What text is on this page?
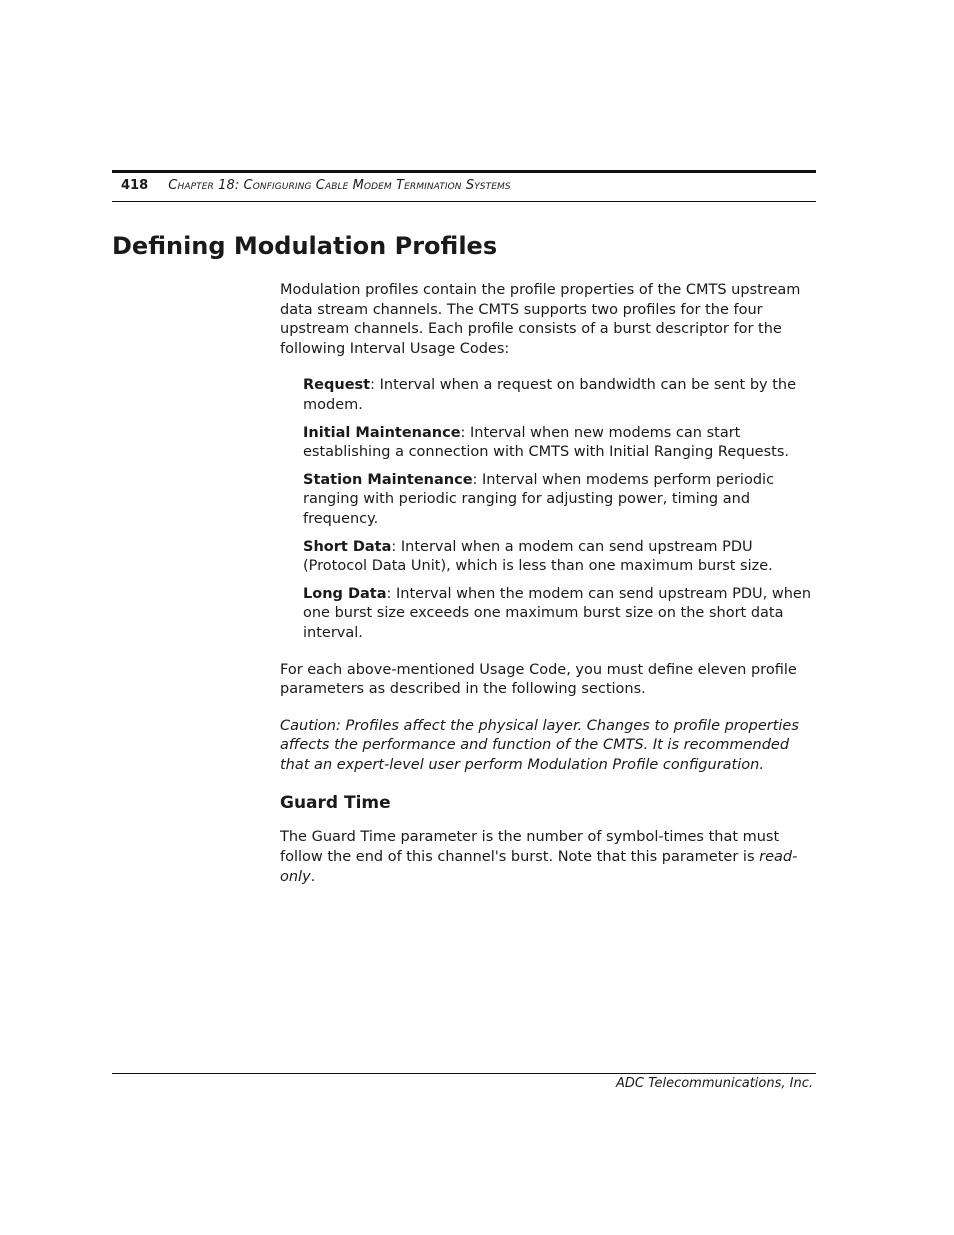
418 Chapter 18: Configuring Cable Modem Termination Systems
Defining Modulation Profiles

Modulation profiles contain the profile properties of the CMTS upstream data stream channels. The CMTS supports two profiles for the four upstream channels. Each profile consists of a burst descriptor for the following Interval Usage Codes:

Request: Interval when a request on bandwidth can be sent by the modem.
Initial Maintenance: Interval when new modems can start establishing a connection with CMTS with Initial Ranging Requests.
Station Maintenance: Interval when modems perform periodic ranging with periodic ranging for adjusting power, timing and frequency.
Short Data: Interval when a modem can send upstream PDU (Protocol Data Unit), which is less than one maximum burst size.
Long Data: Interval when the modem can send upstream PDU, when one burst size exceeds one maximum burst size on the short data interval.

For each above-mentioned Usage Code, you must define eleven profile parameters as described in the following sections.

Caution: Profiles affect the physical layer. Changes to profile properties affects the performance and function of the CMTS. It is recommended that an expert-level user perform Modulation Profile configuration.

Guard Time

The Guard Time parameter is the number of symbol-times that must follow the end of this channel's burst. Note that this parameter is read-only.

ADC Telecommunications, Inc.
